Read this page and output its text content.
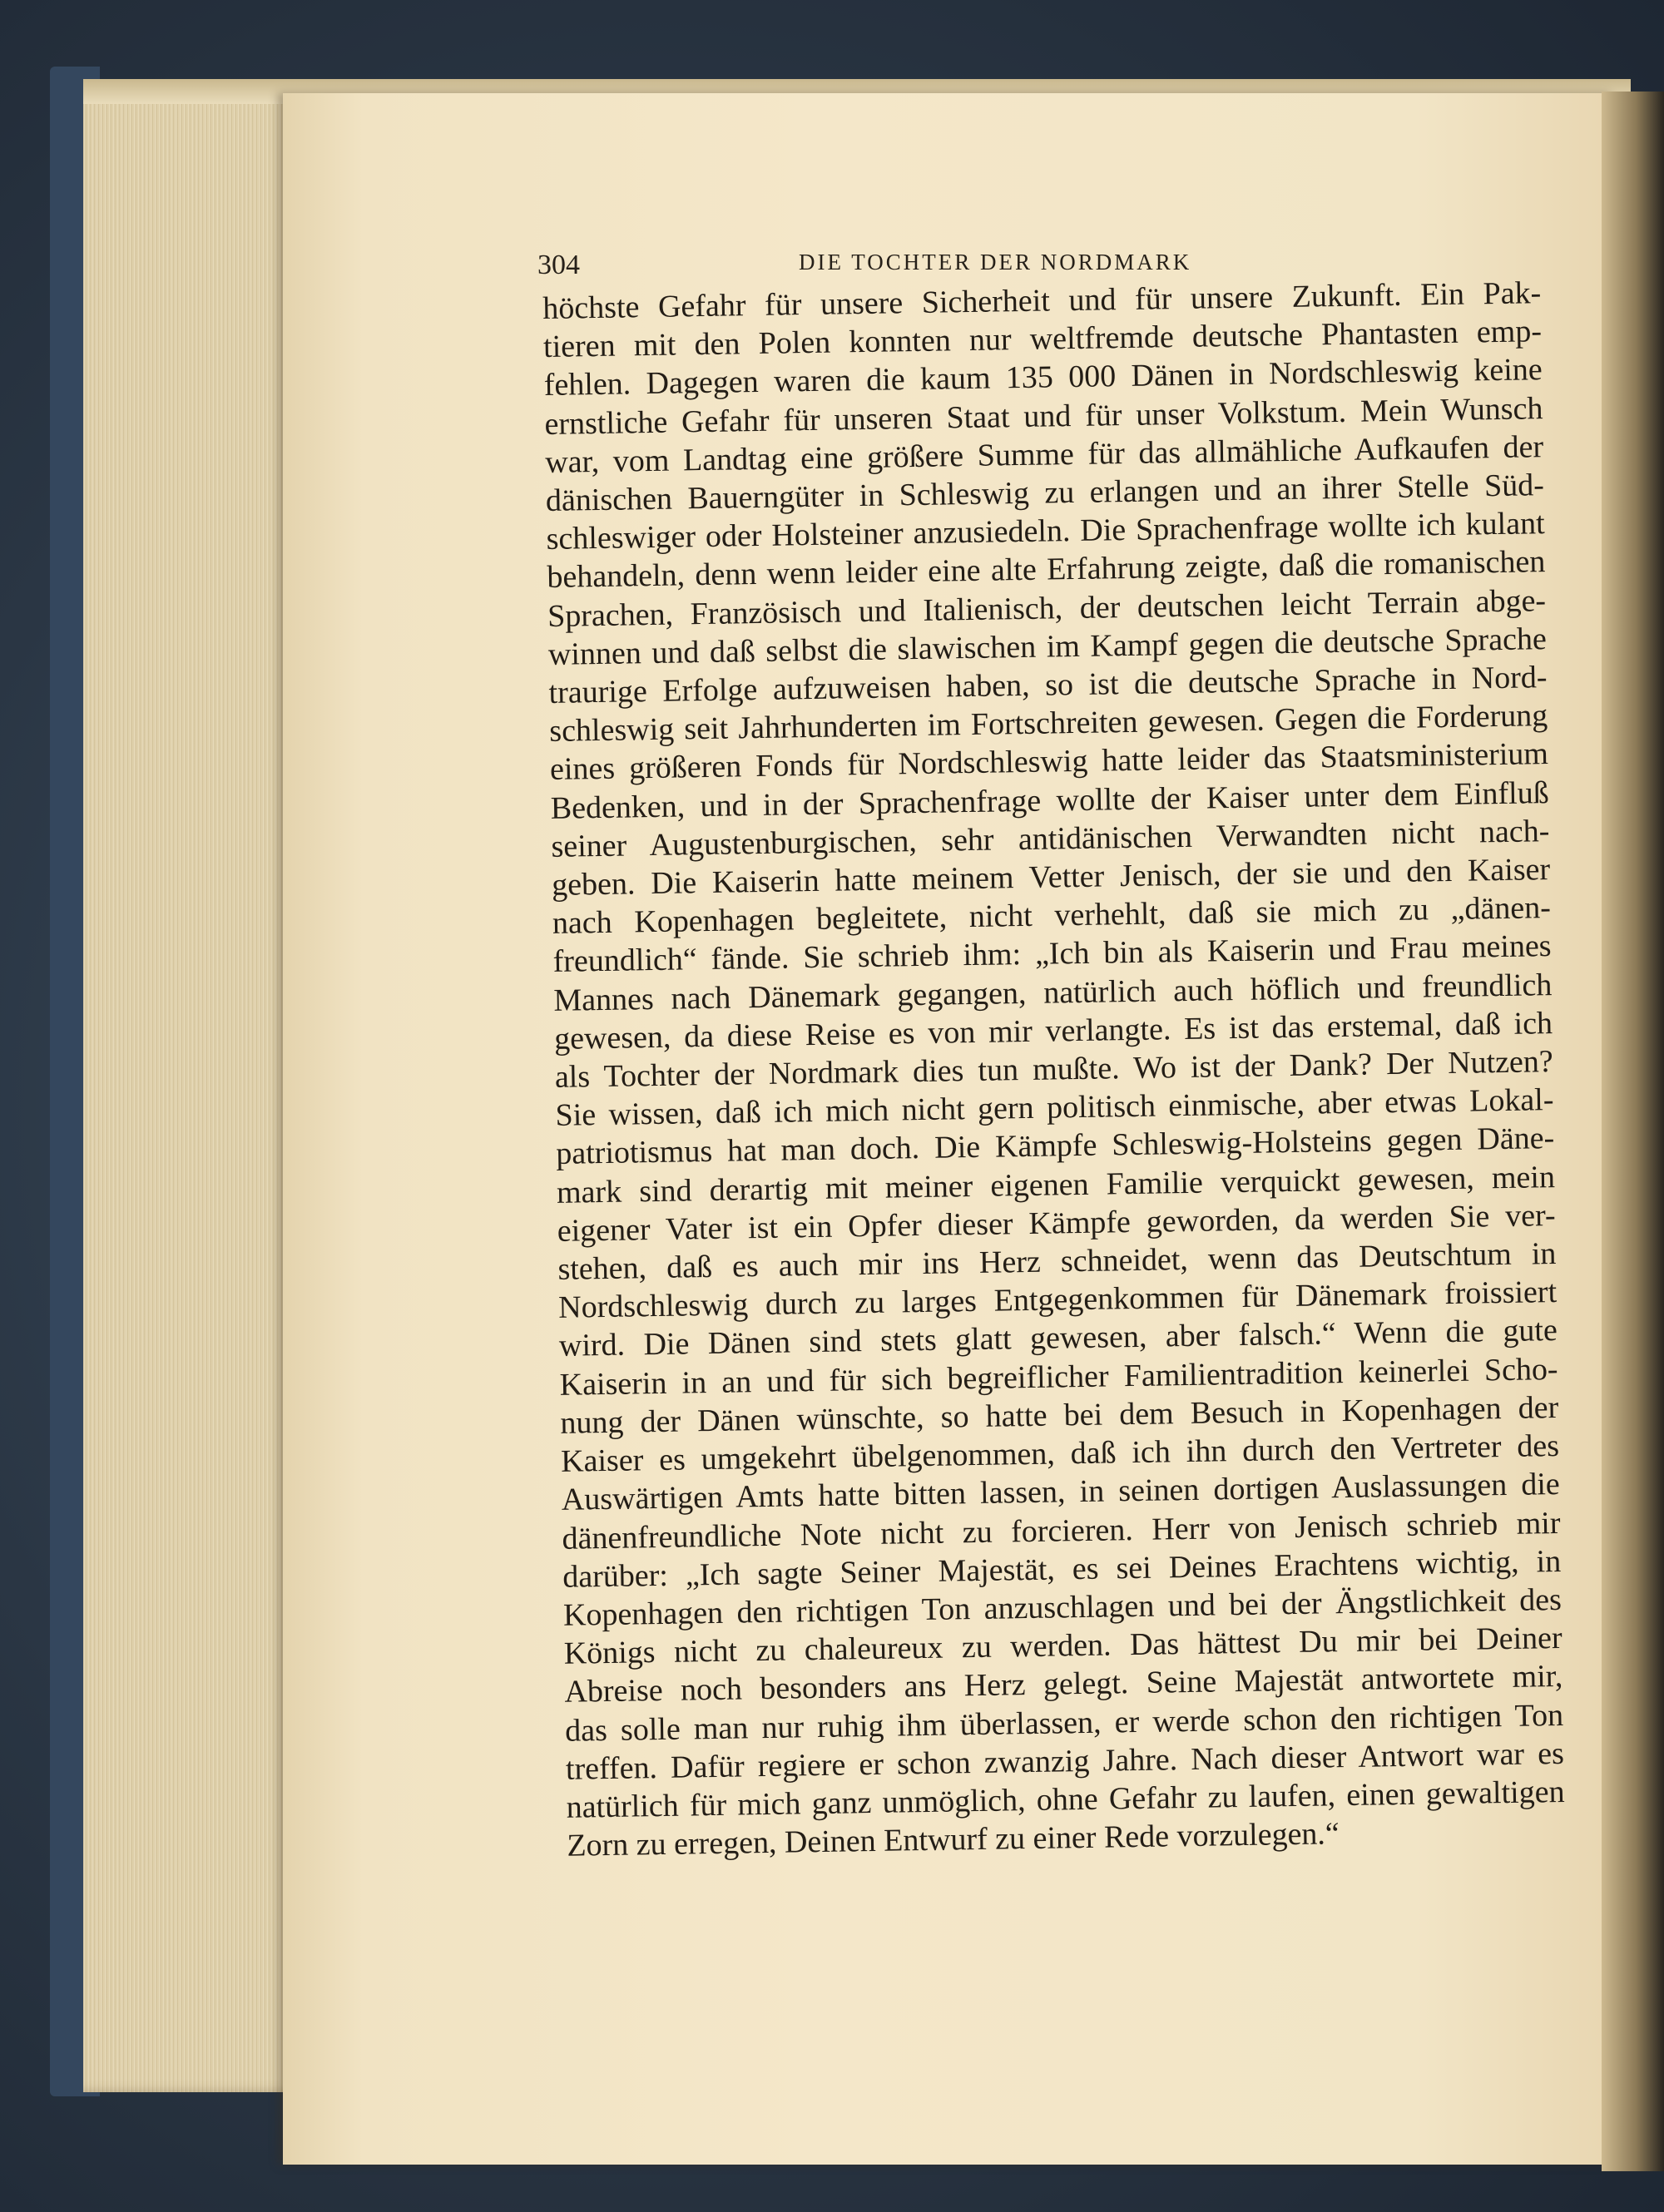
304	DIE TOCHTER DER NORDMARK
höchste Gefahr für unsere Sicherheit und für unsere Zukunft. Ein Pak-
tieren mit den Polen konnten nur weltfremde deutsche Phantasten emp-
fehlen. Dagegen waren die kaum 135 000 Dänen in Nordschleswig keine
ernstliche Gefahr für unseren Staat und für unser Volkstum. Mein Wunsch
war, vom Landtag eine größere Summe für das allmähliche Aufkaufen der
dänischen Bauerngüter in Schleswig zu erlangen und an ihrer Stelle Süd-
schleswiger oder Holsteiner anzusiedeln. Die Sprachenfrage wollte ich kulant
behandeln, denn wenn leider eine alte Erfahrung zeigte, daß die romanischen
Sprachen, Französisch und Italienisch, der deutschen leicht Terrain abge-
winnen und daß selbst die slawischen im Kampf gegen die deutsche Sprache
traurige Erfolge aufzuweisen haben, so ist die deutsche Sprache in Nord-
schleswig seit Jahrhunderten im Fortschreiten gewesen. Gegen die Forderung
eines größeren Fonds für Nordschleswig hatte leider das Staatsministerium
Bedenken, und in der Sprachenfrage wollte der Kaiser unter dem Einfluß
seiner Augustenburgischen, sehr antidänischen Verwandten nicht nach-
geben. Die Kaiserin hatte meinem Vetter Jenisch, der sie und den Kaiser
nach Kopenhagen begleitete, nicht verhehlt, daß sie mich zu „dänen-
freundlich“ fände. Sie schrieb ihm: „Ich bin als Kaiserin und Frau meines
Mannes nach Dänemark gegangen, natürlich auch höflich und freundlich
gewesen, da diese Reise es von mir verlangte. Es ist das erstemal, daß ich
als Tochter der Nordmark dies tun mußte. Wo ist der Dank? Der Nutzen?
Sie wissen, daß ich mich nicht gern politisch einmische, aber etwas Lokal-
patriotismus hat man doch. Die Kämpfe Schleswig-Holsteins gegen Däne-
mark sind derartig mit meiner eigenen Familie verquickt gewesen, mein
eigener Vater ist ein Opfer dieser Kämpfe geworden, da werden Sie ver-
stehen, daß es auch mir ins Herz schneidet, wenn das Deutschtum in
Nordschleswig durch zu larges Entgegenkommen für Dänemark froissiert
wird. Die Dänen sind stets glatt gewesen, aber falsch.“ Wenn die gute
Kaiserin in an und für sich begreiflicher Familientradition keinerlei Scho-
nung der Dänen wünschte, so hatte bei dem Besuch in Kopenhagen der
Kaiser es umgekehrt übelgenommen, daß ich ihn durch den Vertreter des
Auswärtigen Amts hatte bitten lassen, in seinen dortigen Auslassungen die
dänenfreundliche Note nicht zu forcieren. Herr von Jenisch schrieb mir
darüber: „Ich sagte Seiner Majestät, es sei Deines Erachtens wichtig, in
Kopenhagen den richtigen Ton anzuschlagen und bei der Ängstlichkeit des
Königs nicht zu chaleureux zu werden. Das hättest Du mir bei Deiner
Abreise noch besonders ans Herz gelegt. Seine Majestät antwortete mir,
das solle man nur ruhig ihm überlassen, er werde schon den richtigen Ton
treffen. Dafür regiere er schon zwanzig Jahre. Nach dieser Antwort war es
natürlich für mich ganz unmöglich, ohne Gefahr zu laufen, einen gewaltigen
Zorn zu erregen, Deinen Entwurf zu einer Rede vorzulegen.“
